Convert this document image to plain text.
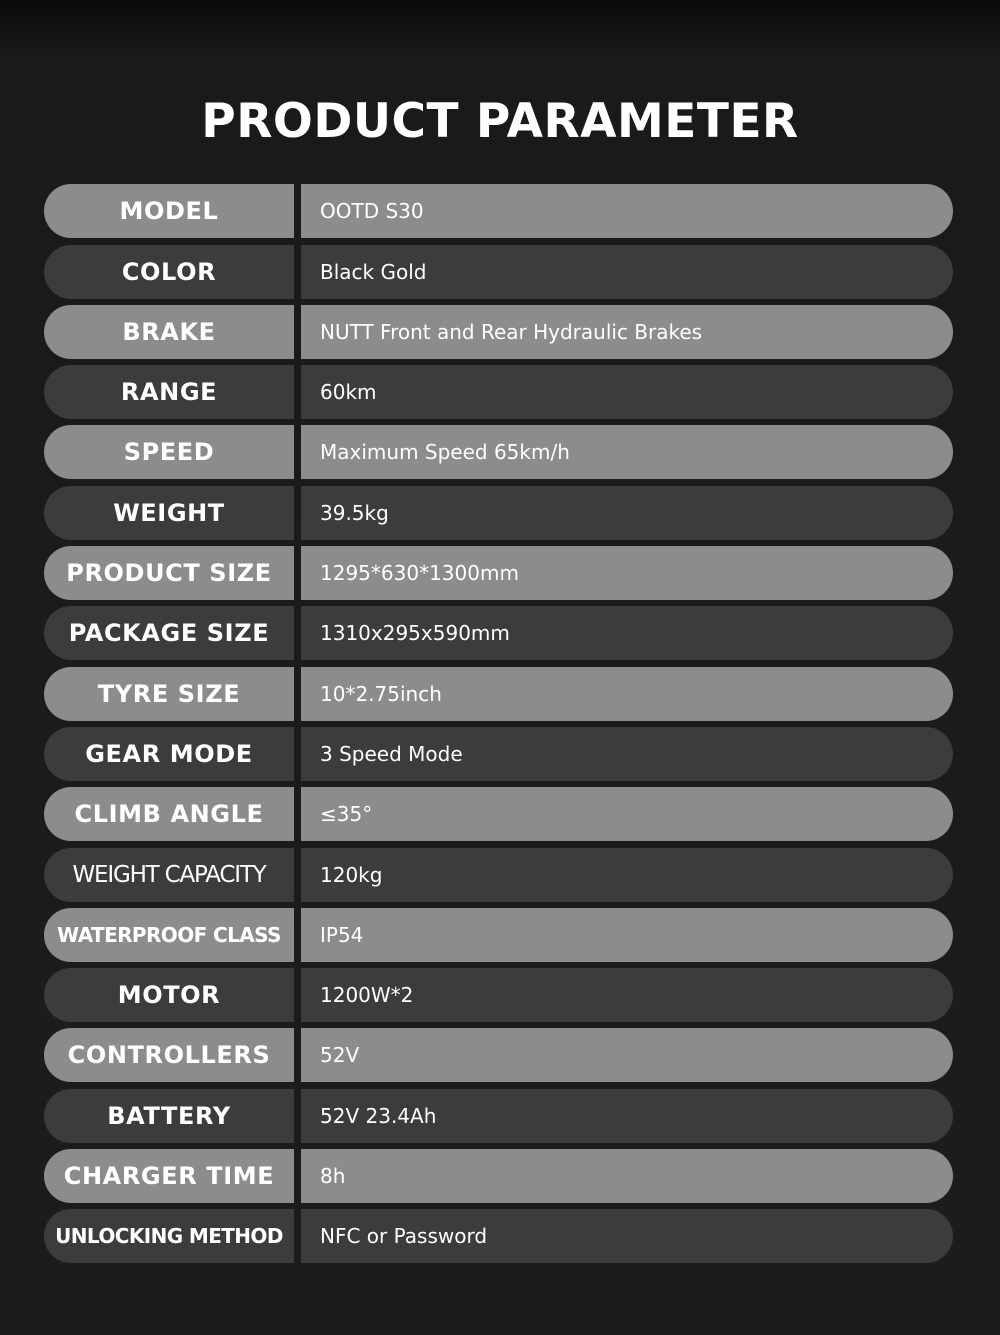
PRODUCT PARAMETER
MODEL	OOTD S30
COLOR	Black Gold
BRAKE	NUTT Front and Rear Hydraulic Brakes
RANGE	60km
SPEED	Maximum Speed 65km/h
WEIGHT	39.5kg
PRODUCT SIZE	1295*630*1300mm
PACKAGE SIZE	1310x295x590mm
TYRE SIZE	10*2.75inch
GEAR MODE	3 Speed Mode
CLIMB ANGLE	≤35°
WEIGHT CAPACITY	120kg
WATERPROOF CLASS	IP54
MOTOR	1200W*2
CONTROLLERS	52V
BATTERY	52V 23.4Ah
CHARGER TIME	8h
UNLOCKING METHOD	NFC or Password
